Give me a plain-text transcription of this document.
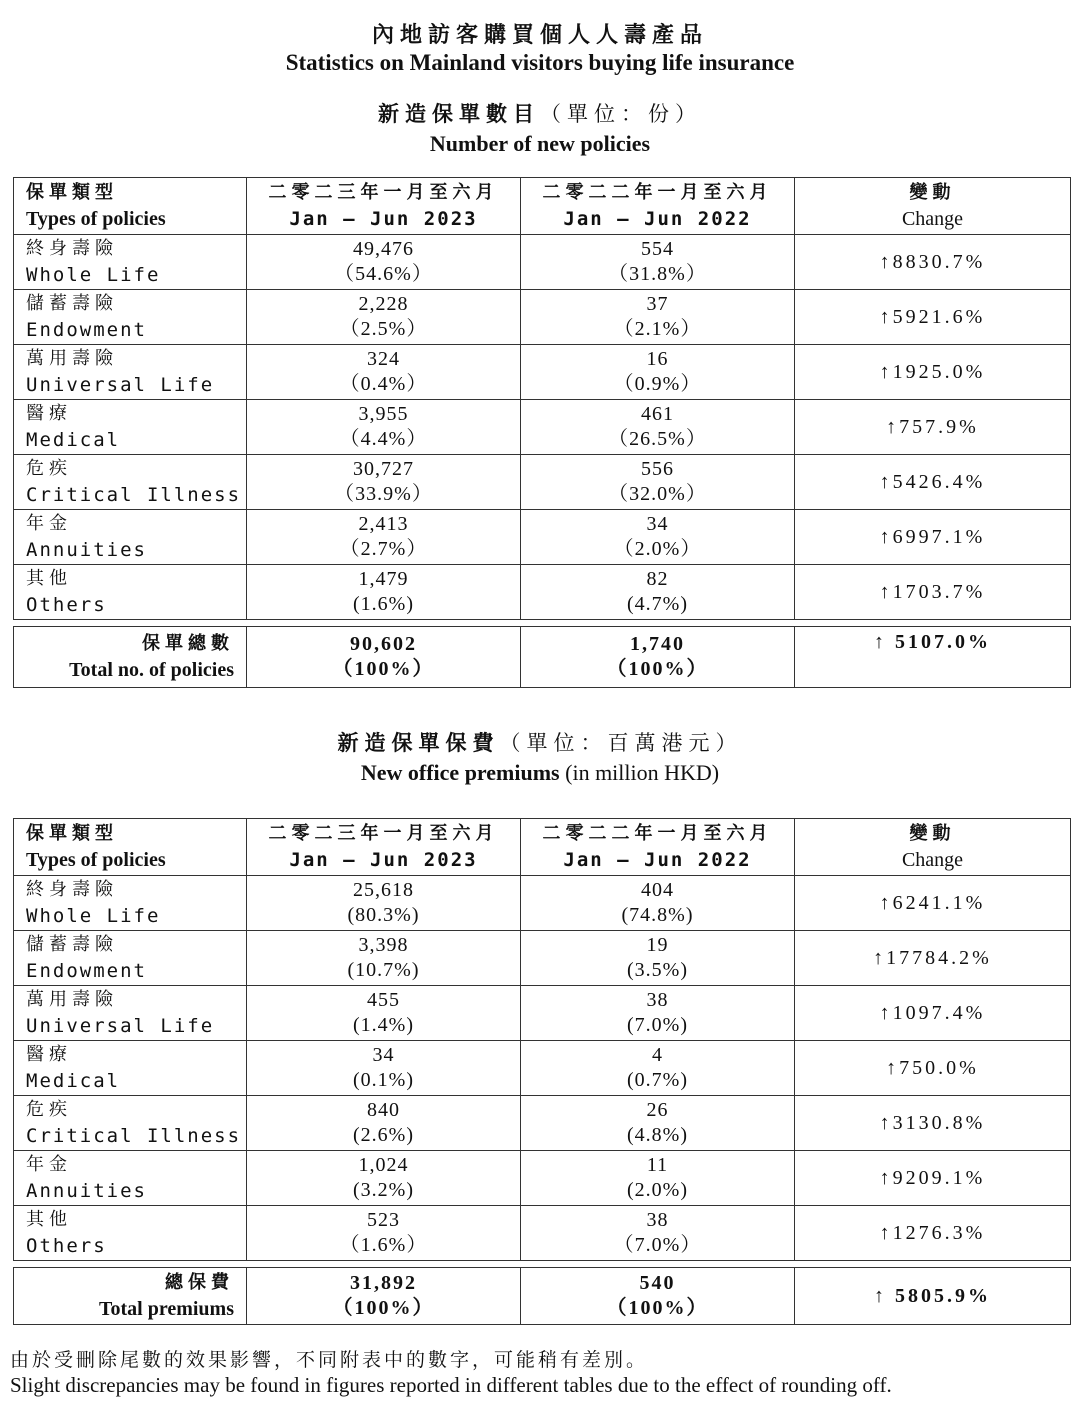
內地訪客購買個人人壽產品
Statistics on Mainland visitors buying life insurance
新造保單數目（單位：份）
Number of new policies
保單類型
Types of policies	二零二三年一月至六月
Jan – Jun 2023	二零二二年一月至六月
Jan – Jun 2022	變動
Change

終身壽險
Whole Life	49,476
（54.6%）	554
（31.8%）	↑8830.7%

儲蓄壽險
Endowment	2,228
（2.5%）	37
（2.1%）	↑5921.6%

萬用壽險
Universal Life	324
（0.4%）	16
（0.9%）	↑1925.0%

醫療
Medical	3,955
（4.4%）	461
（26.5%）	↑757.9%

危疾
Critical Illness	30,727
（33.9%）	556
（32.0%）	↑5426.4%

年金
Annuities	2,413
（2.7%）	34
（2.0%）	↑6997.1%

其他
Others	1,479
(1.6%)	82
(4.7%)	↑1703.7%

保單總數
Total no. of policies	90,602
（100%）	1,740
（100%）	↑ 5107.0%
新造保單保費（單位：百萬港元）
New office premiums (in million HKD)
保單類型
Types of policies	二零二三年一月至六月
Jan – Jun 2023	二零二二年一月至六月
Jan – Jun 2022	變動
Change

終身壽險
Whole Life	25,618
(80.3%)	404
(74.8%)	↑6241.1%

儲蓄壽險
Endowment	3,398
(10.7%)	19
(3.5%)	↑17784.2%

萬用壽險
Universal Life	455
(1.4%)	38
(7.0%)	↑1097.4%

醫療
Medical	34
(0.1%)	4
(0.7%)	↑750.0%

危疾
Critical Illness	840
(2.6%)	26
(4.8%)	↑3130.8%

年金
Annuities	1,024
(3.2%)	11
(2.0%)	↑9209.1%

其他
Others	523
（1.6%）	38
（7.0%）	↑1276.3%

總保費
Total premiums	31,892
（100%）	540
（100%）	↑ 5805.9%
由於受刪除尾數的效果影響，不同附表中的數字，可能稍有差別。
Slight discrepancies may be found in figures reported in different tables due to the effect of rounding off.
